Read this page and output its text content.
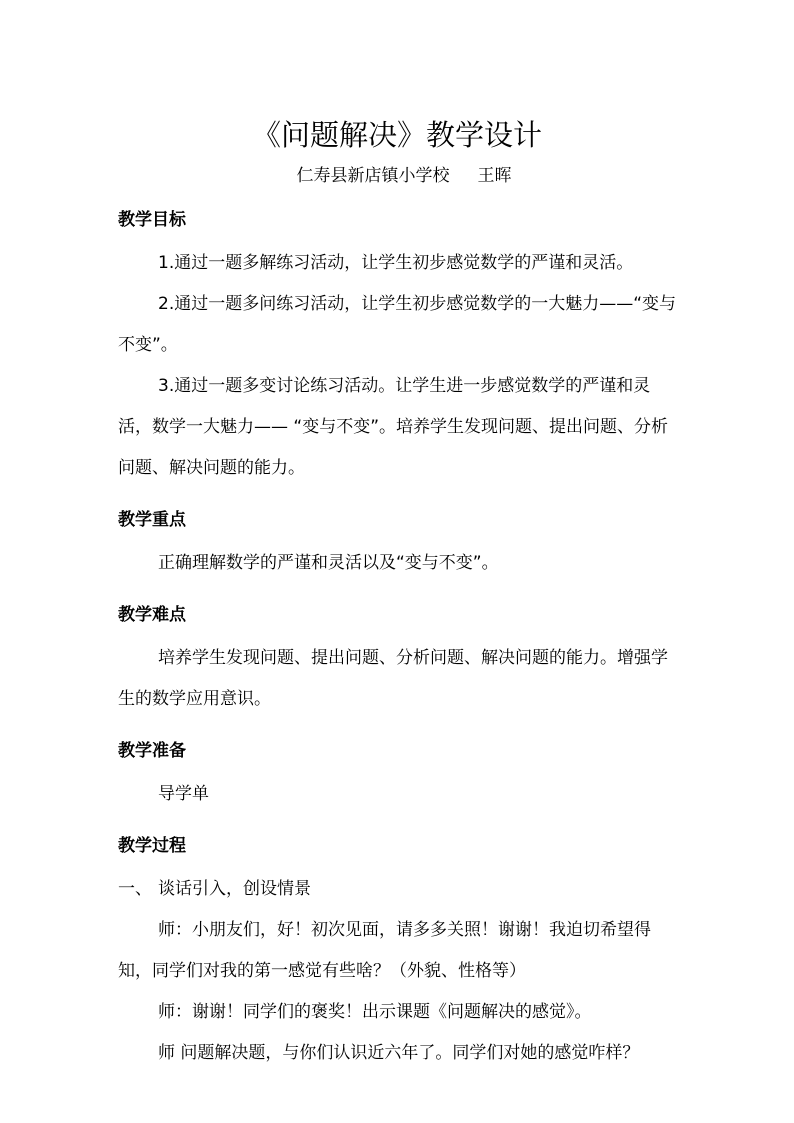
《问题解决》教学设计
仁寿县新店镇小学校 王晖
教学目标

1.通过一题多解练习活动，让学生初步感觉数学的严谨和灵活。

2.通过一题多问练习活动，让学生初步感觉数学的一大魅力——“变与不变”。

3.通过一题多变讨论练习活动。让学生进一步感觉数学的严谨和灵活，数学一大魅力—— “变与不变”。培养学生发现问题、提出问题、分析问题、解决问题的能力。

教学重点

正确理解数学的严谨和灵活以及“变与不变”。

教学难点

培养学生发现问题、提出问题、分析问题、解决问题的能力。增强学生的数学应用意识。

教学准备

导学单

教学过程

一、 谈话引入，创设情景

师：小朋友们，好！初次见面，请多多关照！谢谢！我迫切希望得知，同学们对我的第一感觉有些啥？（外貌、性格等）

师：谢谢！同学们的褒奖！出示课题《问题解决的感觉》。

师 问题解决题，与你们认识近六年了。同学们对她的感觉咋样？
